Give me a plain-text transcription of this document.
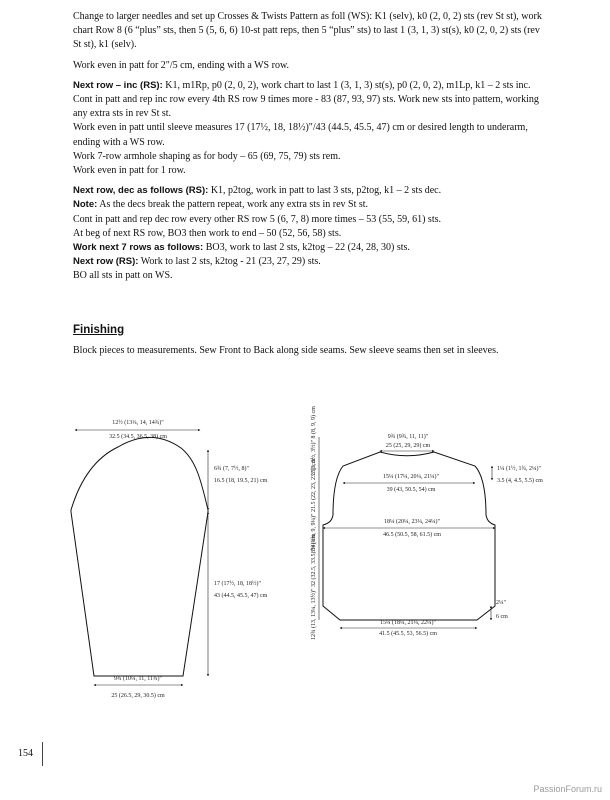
Change to larger needles and set up Crosses & Twists Pattern as foll (WS): K1 (selv), k0 (2, 0, 2) sts (rev St st), work chart Row 8 (6 “plus” sts, then 5 (5, 6, 6) 10-st patt reps, then 5 “plus” sts) to last 1 (3, 1, 3) st(s), k0 (2, 0, 2) sts (rev St st), k1 (selv).

Work even in patt for 2"/5 cm, ending with a WS row.

Next row – inc (RS): K1, m1Rp, p0 (2, 0, 2), work chart to last 1 (3, 1, 3) st(s), p0 (2, 0, 2), m1Lp, k1 – 2 sts inc.

Cont in patt and rep inc row every 4th RS row 9 times more - 83 (87, 93, 97) sts. Work new sts into pattern, working any extra sts in rev St st.

Work even in patt until sleeve measures 17 (17½, 18, 18½)"/43 (44.5, 45.5, 47) cm or desired length to underarm, ending with a WS row.

Work 7-row armhole shaping as for body – 65 (69, 75, 79) sts rem.

Work even in patt for 1 row.

Next row, dec as follows (RS): K1, p2tog, work in patt to last 3 sts, p2tog, k1 – 2 sts dec.

Note: As the decs break the pattern repeat, work any extra sts in rev St st.

Cont in patt and rep dec row every other RS row 5 (6, 7, 8) more times – 53 (55, 59, 61) sts.

At beg of next RS row, BO3 then work to end – 50 (52, 56, 58) sts.

Work next 7 rows as follows: BO3, work to last 2 sts, k2tog – 22 (24, 28, 30) sts.

Next row (RS): Work to last 2 sts, k2tog - 21 (23, 27, 29) sts.

BO all sts in patt on WS.

Finishing
Block pieces to measurements. Sew Front to Back along side seams. Sew sleeve seams then set in sleeves.
12½ (13¼, 14, 14¾)"
32.5 (34.5, 36.5, 38) cm
6¾ (7, 7½, 8)"
16.5 (18, 19.5, 21) cm
17 (17½, 18, 18½)"
43 (44.5, 45.5, 47) cm
9¾ (10¼, 11, 11¾)"
25 (26.5, 29, 30.5) cm
9¾ (9¾, 11, 11)"
25 (25, 29, 29) cm
15¼ (17¼, 20¼, 21¼)"
39 (43, 50.5, 54) cm
18¼ (20¼, 23¼, 24¼)"
46.5 (50.5, 58, 61.5) cm
15¼ (18¼, 21¼, 22¼)"
41.5 (45.5, 53, 56.5) cm
1¼ (1½, 1¾, 2¼)"
3.5 (4, 4.5, 5.5) cm
2¼"
6 cm
3 (3, 3½, 3½)" 8 (8, 9, 9) cm
8½ (8¾, 9, 9¼)" 21.5 (22, 23, 23.5) cm
12¾ (13, 13¼, 13½)" 32 (32.5, 33.5, 34) cm
154
PassionForum.ru
